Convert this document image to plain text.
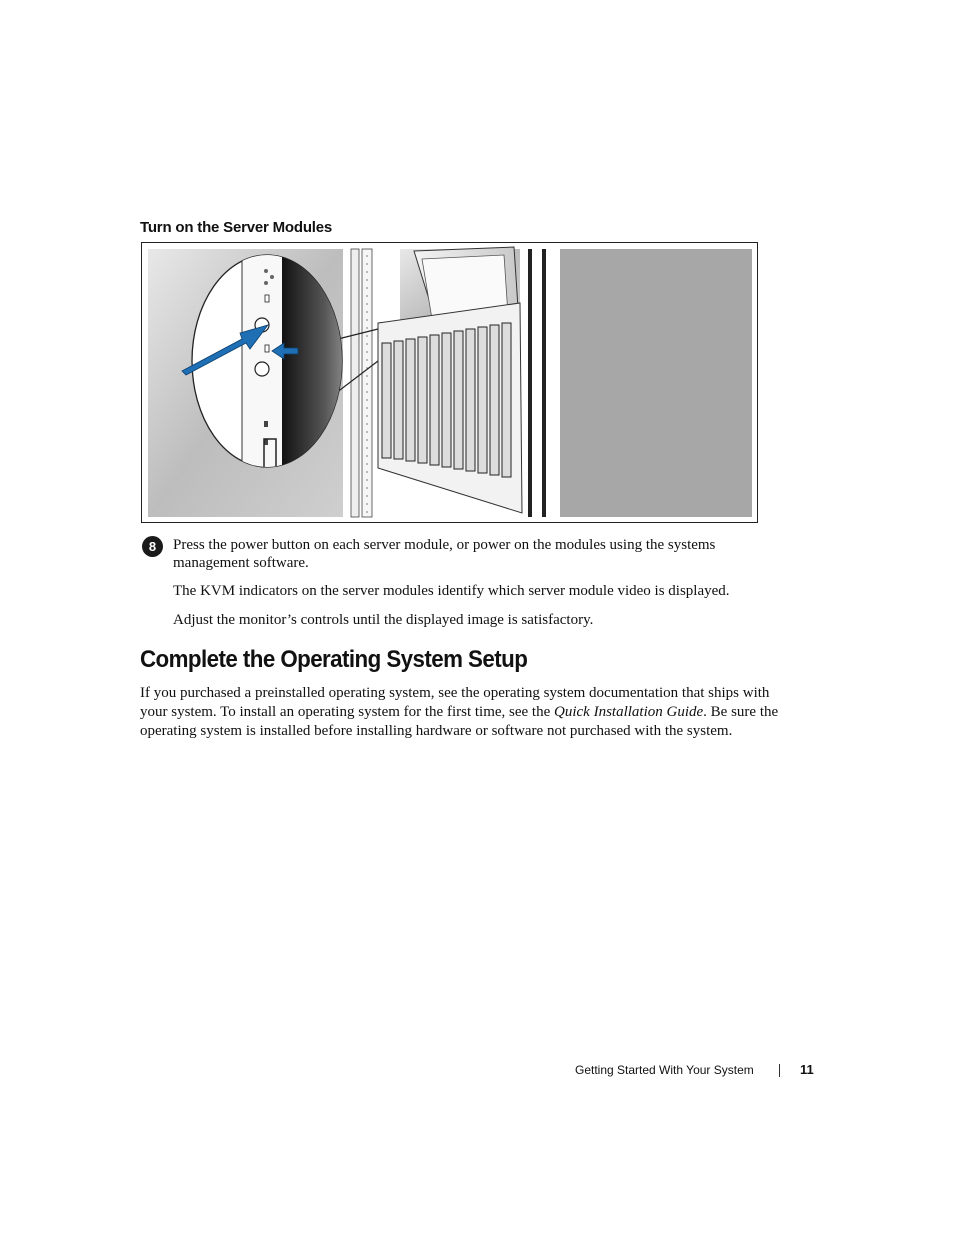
Turn on the Server Modules
8	Press the power button on each server module, or power on the modules using the systems management software.

The KVM indicators on the server modules identify which server module video is displayed.

Adjust the monitor’s controls until the displayed image is satisfactory.

Complete the Operating System Setup

If you purchased a preinstalled operating system, see the operating system documentation that ships with your system. To install an operating system for the first time, see the Quick Installation Guide. Be sure the operating system is installed before installing hardware or software not purchased with the system.

Getting Started With Your System	11
